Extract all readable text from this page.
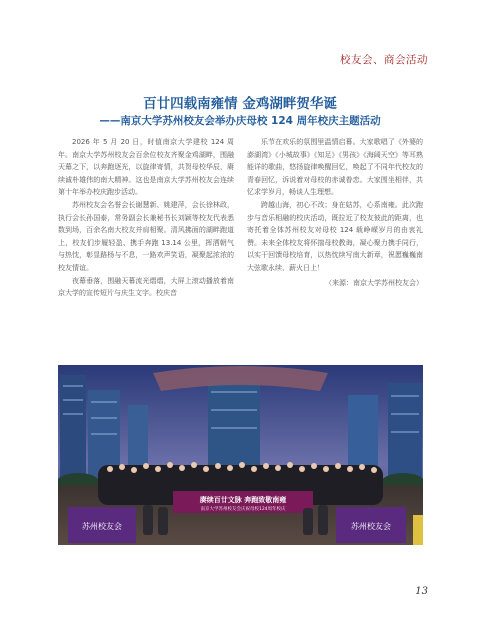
校友会、商会活动
百廿四载南雍情 金鸡湖畔贺华诞
——南京大学苏州校友会举办庆母校 124 周年校庆主题活动

2026 年 5 月 20 日，时值南京大学建校 124 周年。南京大学苏州校友会百余位校友齐聚金鸡湖畔，围融天幕之下，以奔跑逐光，以旋律寄情，共贺母校华辰，赓续诚朴雄伟的南大精神。这也是南京大学苏州校友会连续第十年举办校庆跑步活动。

苏州校友会名誉会长谢慧新、姚建萍，会长徐林政，执行会长孙国泰，常务副会长兼秘书长刘颖等校友代表悉数到场，百余名南大校友并肩相聚。清风拂面的湖畔跑道上，校友们步履轻盈、携手奔跑 13.14 公里，挥洒朝气与热忱，彰显路杨与不息，一路欢声笑语，凝聚起浓浓的校友情谊。

夜幕垂落，围融天幕流光熠熠，大屏上滚动播放着南京大学的宣传短片与庆生文字。校庆音

乐节在欢乐的氛围里温情启幕。大家歌唱了《外婆的澎湖湾》《小城故事》《知足》《男孩》《海阔天空》等耳熟能详的歌曲，悠扬旋律唤醒回忆，唤起了不同年代校友的青春回忆，诉说着对母校的赤诚眷恋。大家围坐相伴，共忆求学岁月，畅谈人生理想。

跨越山海，初心不改；身在姑苏，心系南雍。此次跑步与音乐相融的校庆活动，既拉近了校友彼此的距离，也寄托着全体苏州校友对母校 124 载峥嵘岁月的由衷礼赞。未来全体校友将怀揣母校教诲，凝心聚力携手同行，以实干回馈母校培育，以热忱续写南大新章，祝愿巍巍南大弦歌永续、薪火日上！

（来源：南京大学苏州校友会）

赓续百廿文脉 奔跑致敬南雍
南京大学苏州校友会庆祝母校124周年校庆
苏州校友会	苏州校友会
13
